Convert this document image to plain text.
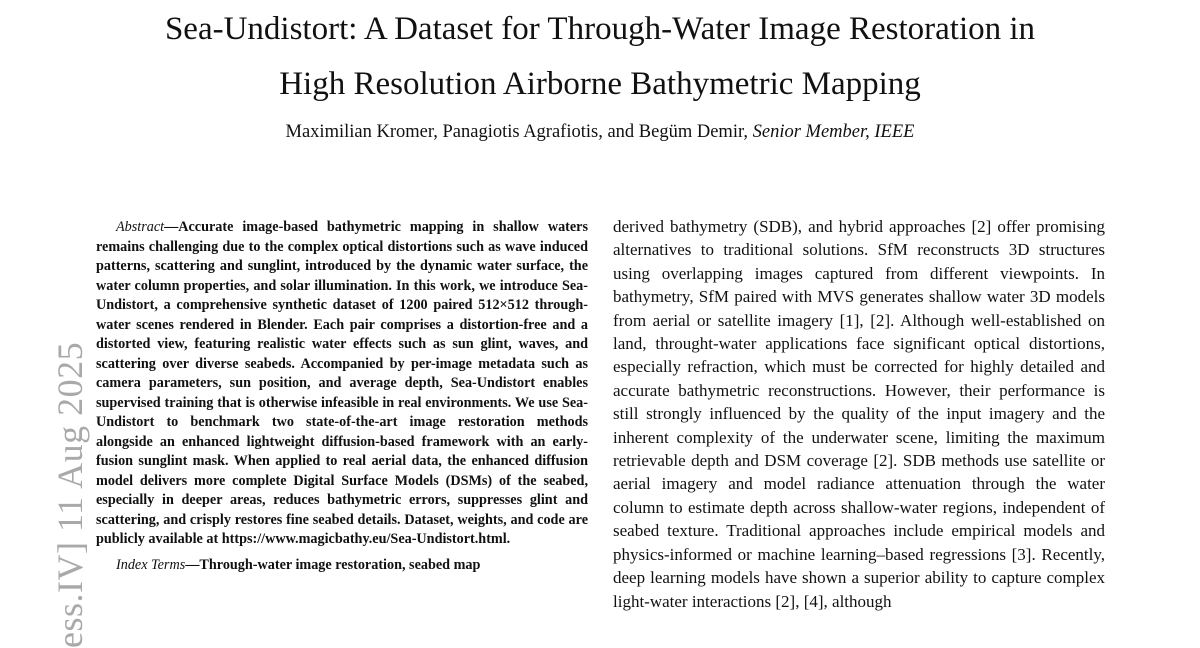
Sea-Undistort: A Dataset for Through-Water Image Restoration in
High Resolution Airborne Bathymetric Mapping
Maximilian Kromer, Panagiotis Agrafiotis, and Begüm Demir, Senior Member, IEEE
ess.IV] 11 Aug 2025

Abstract—Accurate image-based bathymetric mapping in shallow waters remains challenging due to the complex optical distortions such as wave induced patterns, scattering and sunglint, introduced by the dynamic water surface, the water column properties, and solar illumination. In this work, we introduce Sea-Undistort, a comprehensive synthetic dataset of 1200 paired 512×512 through-water scenes rendered in Blender. Each pair comprises a distortion-free and a distorted view, featuring realistic water effects such as sun glint, waves, and scattering over diverse seabeds. Accompanied by per-image metadata such as camera parameters, sun position, and average depth, Sea-Undistort enables supervised training that is otherwise infeasible in real environments. We use Sea-Undistort to benchmark two state-of-the-art image restoration methods alongside an enhanced lightweight diffusion-based framework with an early-fusion sunglint mask. When applied to real aerial data, the enhanced diffusion model delivers more complete Digital Surface Models (DSMs) of the seabed, especially in deeper areas, reduces bathymetric errors, suppresses glint and scattering, and crisply restores fine seabed details. Dataset, weights, and code are publicly available at https://www.magicbathy.eu/Sea-Undistort.html.

Index Terms—Through-water image restoration, seabed map

derived bathymetry (SDB), and hybrid approaches [2] offer promising alternatives to traditional solutions. SfM reconstructs 3D structures using overlapping images captured from different viewpoints. In bathymetry, SfM paired with MVS generates shallow water 3D models from aerial or satellite imagery [1], [2]. Although well-established on land, throught-water applications face significant optical distortions, especially refraction, which must be corrected for highly detailed and accurate bathymetric reconstructions. However, their performance is still strongly influenced by the quality of the input imagery and the inherent complexity of the underwater scene, limiting the maximum retrievable depth and DSM coverage [2]. SDB methods use satellite or aerial imagery and model radiance attenuation through the water column to estimate depth across shallow-water regions, independent of seabed texture. Traditional approaches include empirical models and physics-informed or machine learning–based regressions [3]. Recently, deep learning models have shown a superior ability to capture complex light-water interactions [2], [4], although
